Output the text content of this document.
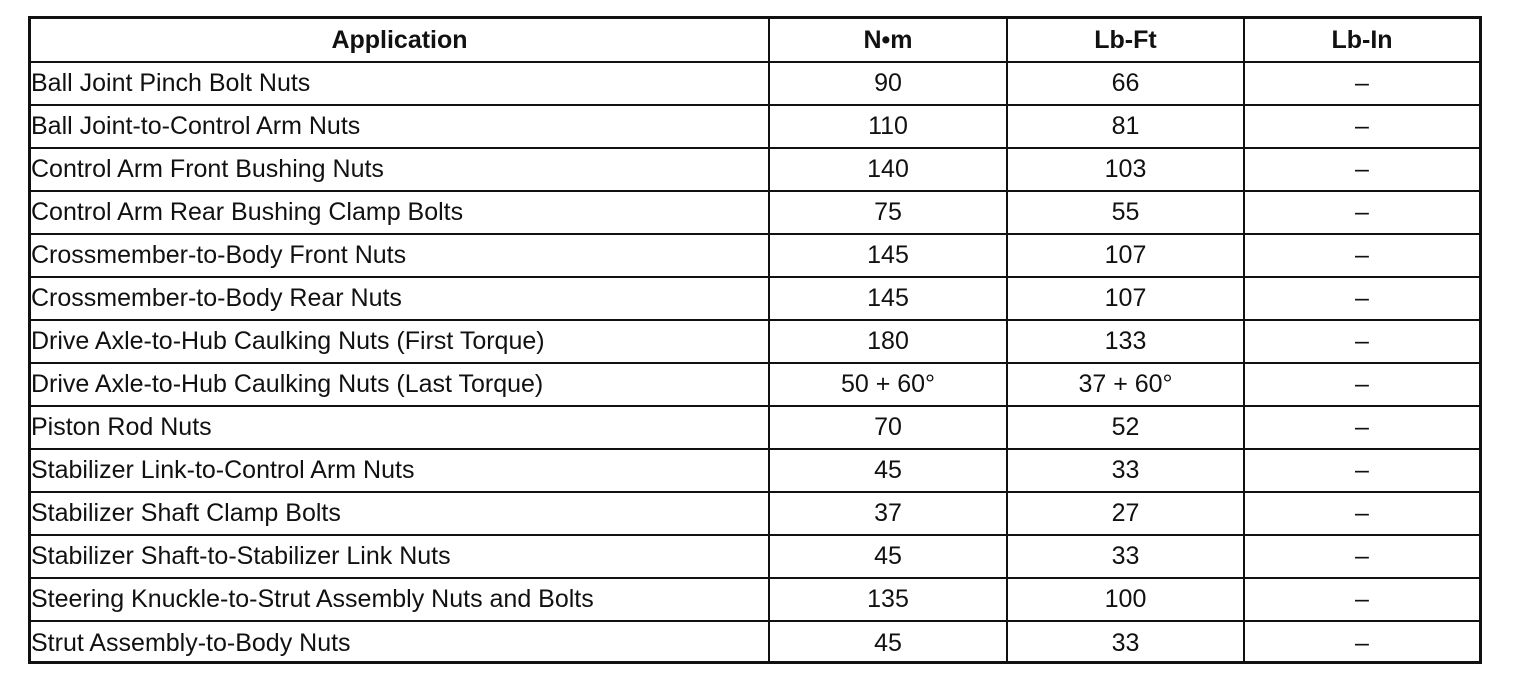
Application	N•m	Lb-Ft	Lb-In
Ball Joint Pinch Bolt Nuts	90	66	–
Ball Joint-to-Control Arm Nuts	110	81	–
Control Arm Front Bushing Nuts	140	103	–
Control Arm Rear Bushing Clamp Bolts	75	55	–
Crossmember-to-Body Front Nuts	145	107	–
Crossmember-to-Body Rear Nuts	145	107	–
Drive Axle-to-Hub Caulking Nuts (First Torque)	180	133	–
Drive Axle-to-Hub Caulking Nuts (Last Torque)	50 + 60°	37 + 60°	–
Piston Rod Nuts	70	52	–
Stabilizer Link-to-Control Arm Nuts	45	33	–
Stabilizer Shaft Clamp Bolts	37	27	–
Stabilizer Shaft-to-Stabilizer Link Nuts	45	33	–
Steering Knuckle-to-Strut Assembly Nuts and Bolts	135	100	–
Strut Assembly-to-Body Nuts	45	33	–
